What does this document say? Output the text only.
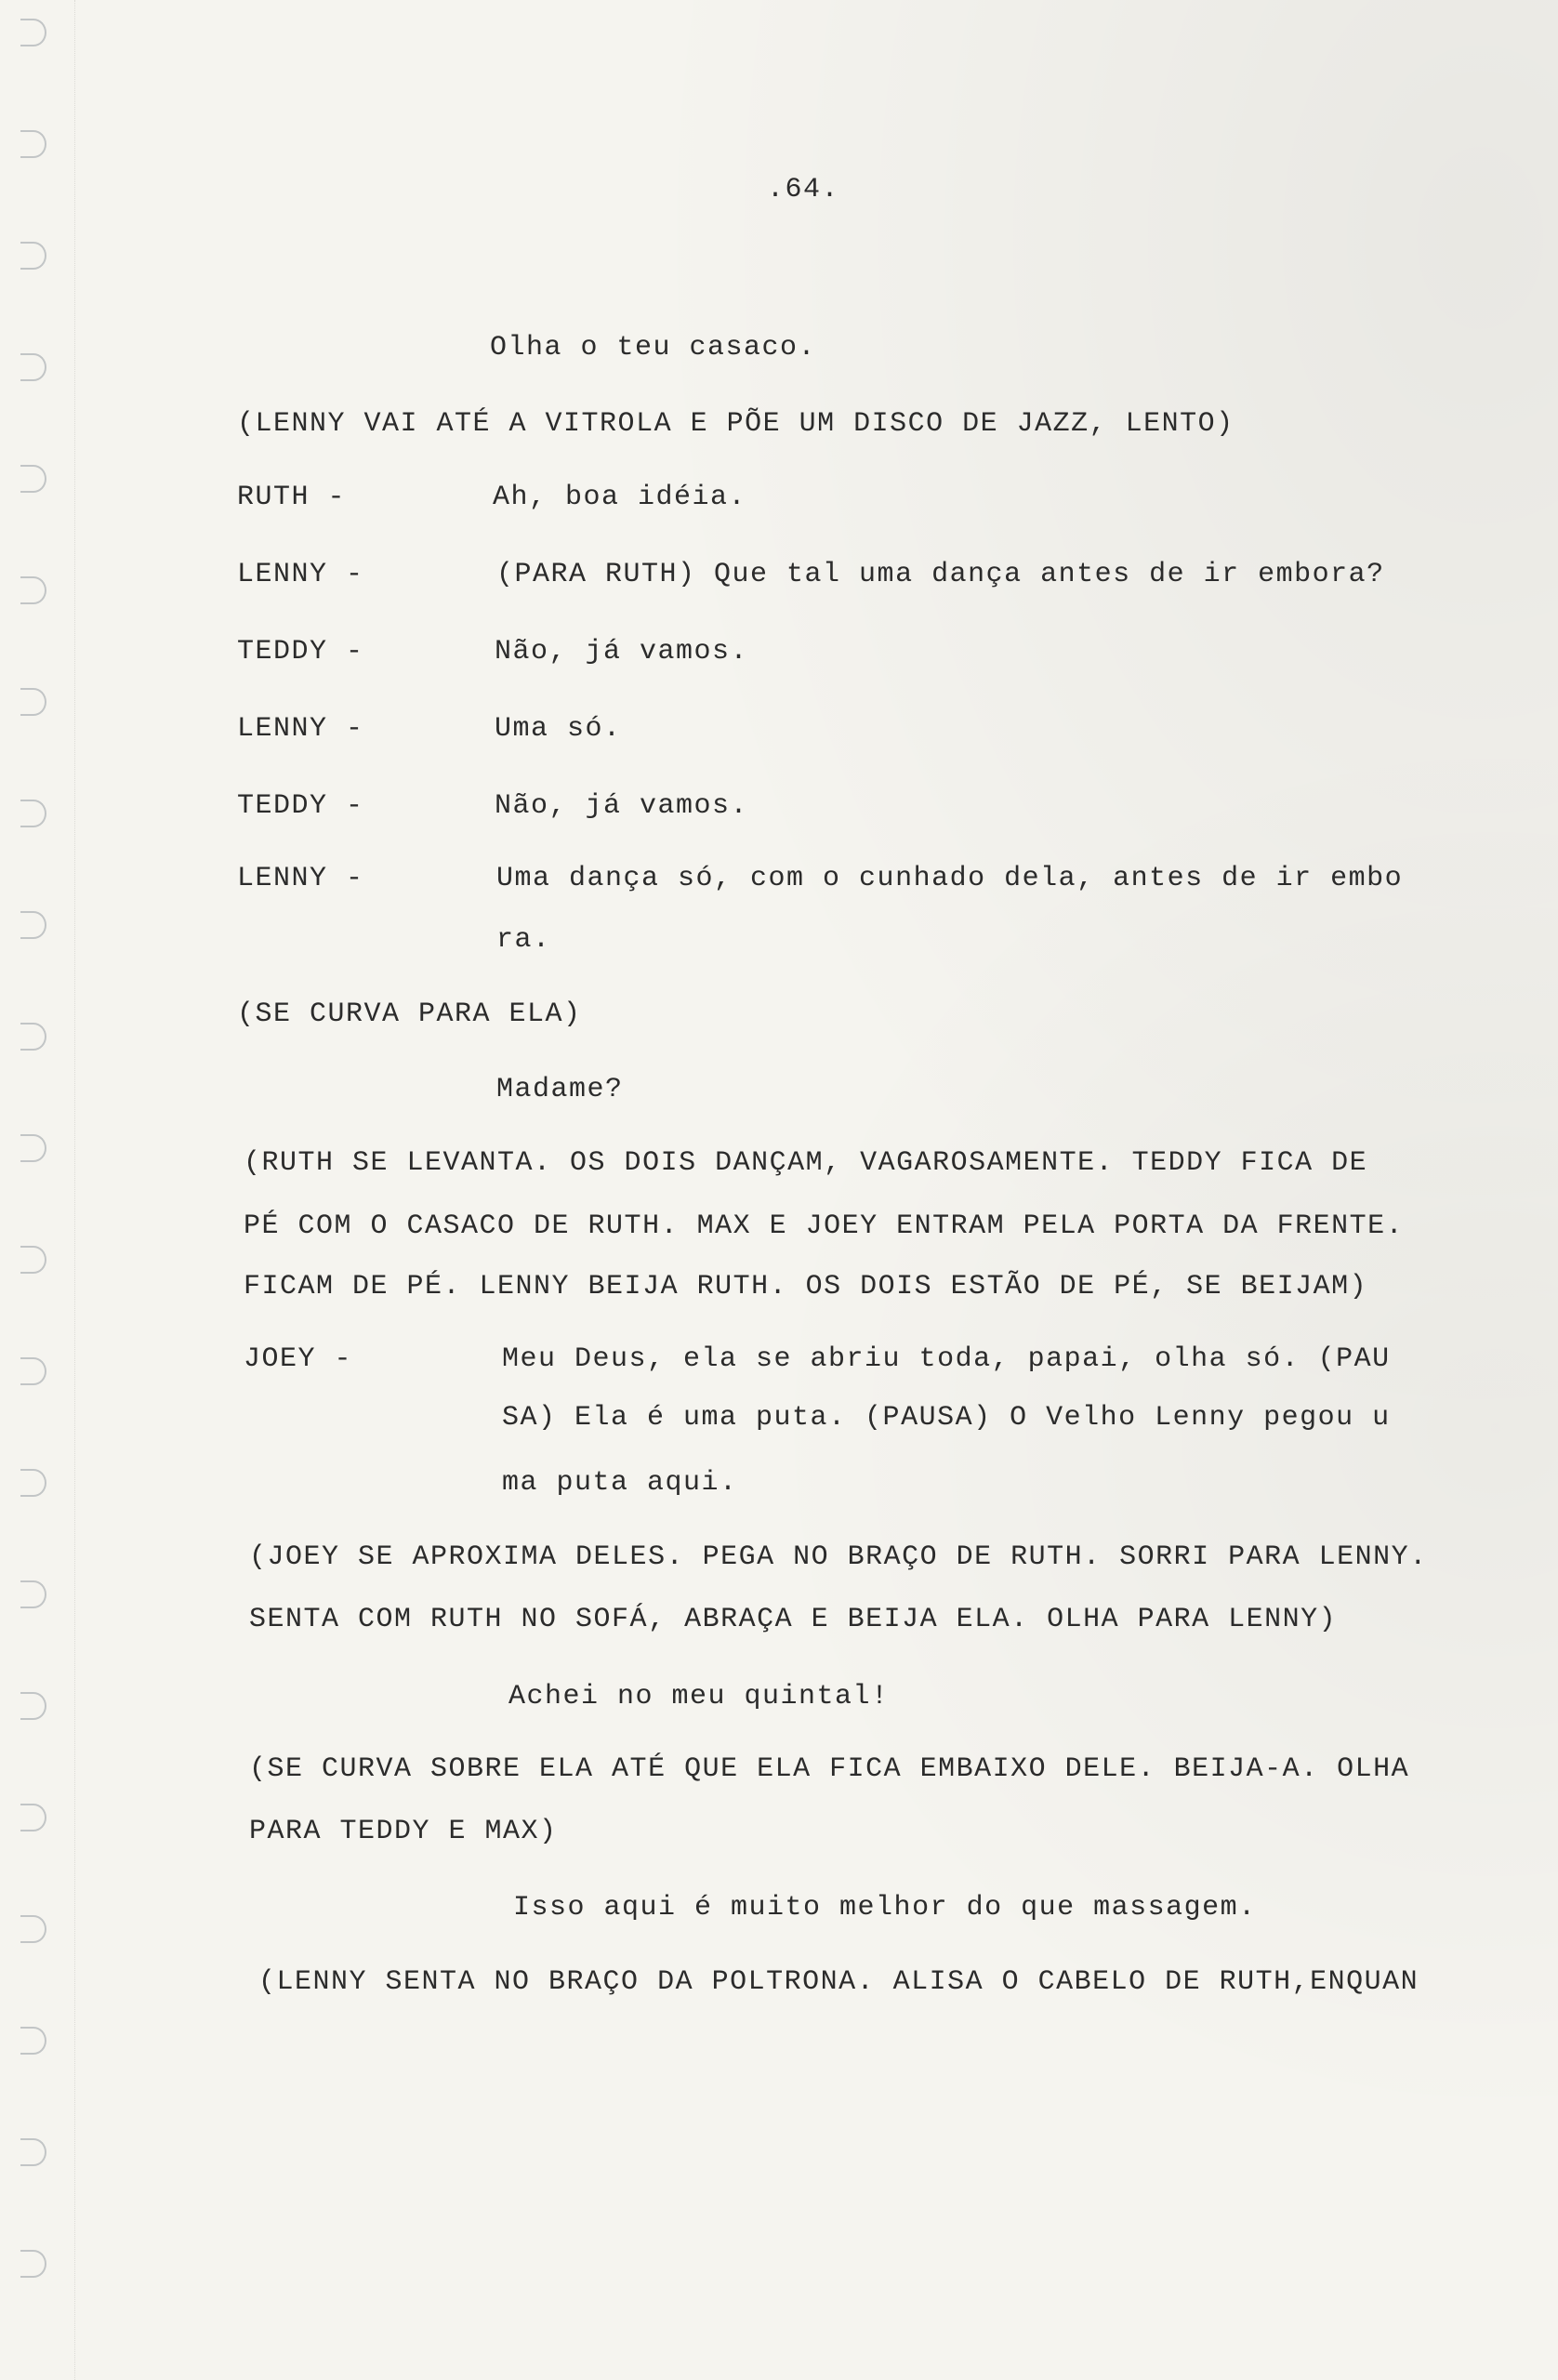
.64.
Olha o teu casaco.
(LENNY VAI ATÉ A VITROLA E PÕE UM DISCO DE JAZZ, LENTO)
RUTH -	Ah, boa idéia.
LENNY -	(PARA RUTH) Que tal uma dança antes de ir embora?
TEDDY -	Não, já vamos.
LENNY -	Uma só.
TEDDY -	Não, já vamos.
LENNY -	Uma dança só, com o cunhado dela, antes de ir embo
ra.
(SE CURVA PARA ELA)
Madame?
(RUTH SE LEVANTA. OS DOIS DANÇAM, VAGAROSAMENTE. TEDDY FICA DE
PÉ COM O CASACO DE RUTH. MAX E JOEY ENTRAM PELA PORTA DA FRENTE.
FICAM DE PÉ. LENNY BEIJA RUTH. OS DOIS ESTÃO DE PÉ, SE BEIJAM)
JOEY -	Meu Deus, ela se abriu toda, papai, olha só. (PAU
SA) Ela é uma puta. (PAUSA) O Velho Lenny pegou u
ma puta aqui.
(JOEY SE APROXIMA DELES. PEGA NO BRAÇO DE RUTH. SORRI PARA LENNY.
SENTA COM RUTH NO SOFÁ, ABRAÇA E BEIJA ELA. OLHA PARA LENNY)
Achei no meu quintal!
(SE CURVA SOBRE ELA ATÉ QUE ELA FICA EMBAIXO DELE. BEIJA-A. OLHA
PARA TEDDY E MAX)
Isso aqui é muito melhor do que massagem.
(LENNY SENTA NO BRAÇO DA POLTRONA. ALISA O CABELO DE RUTH,ENQUAN
